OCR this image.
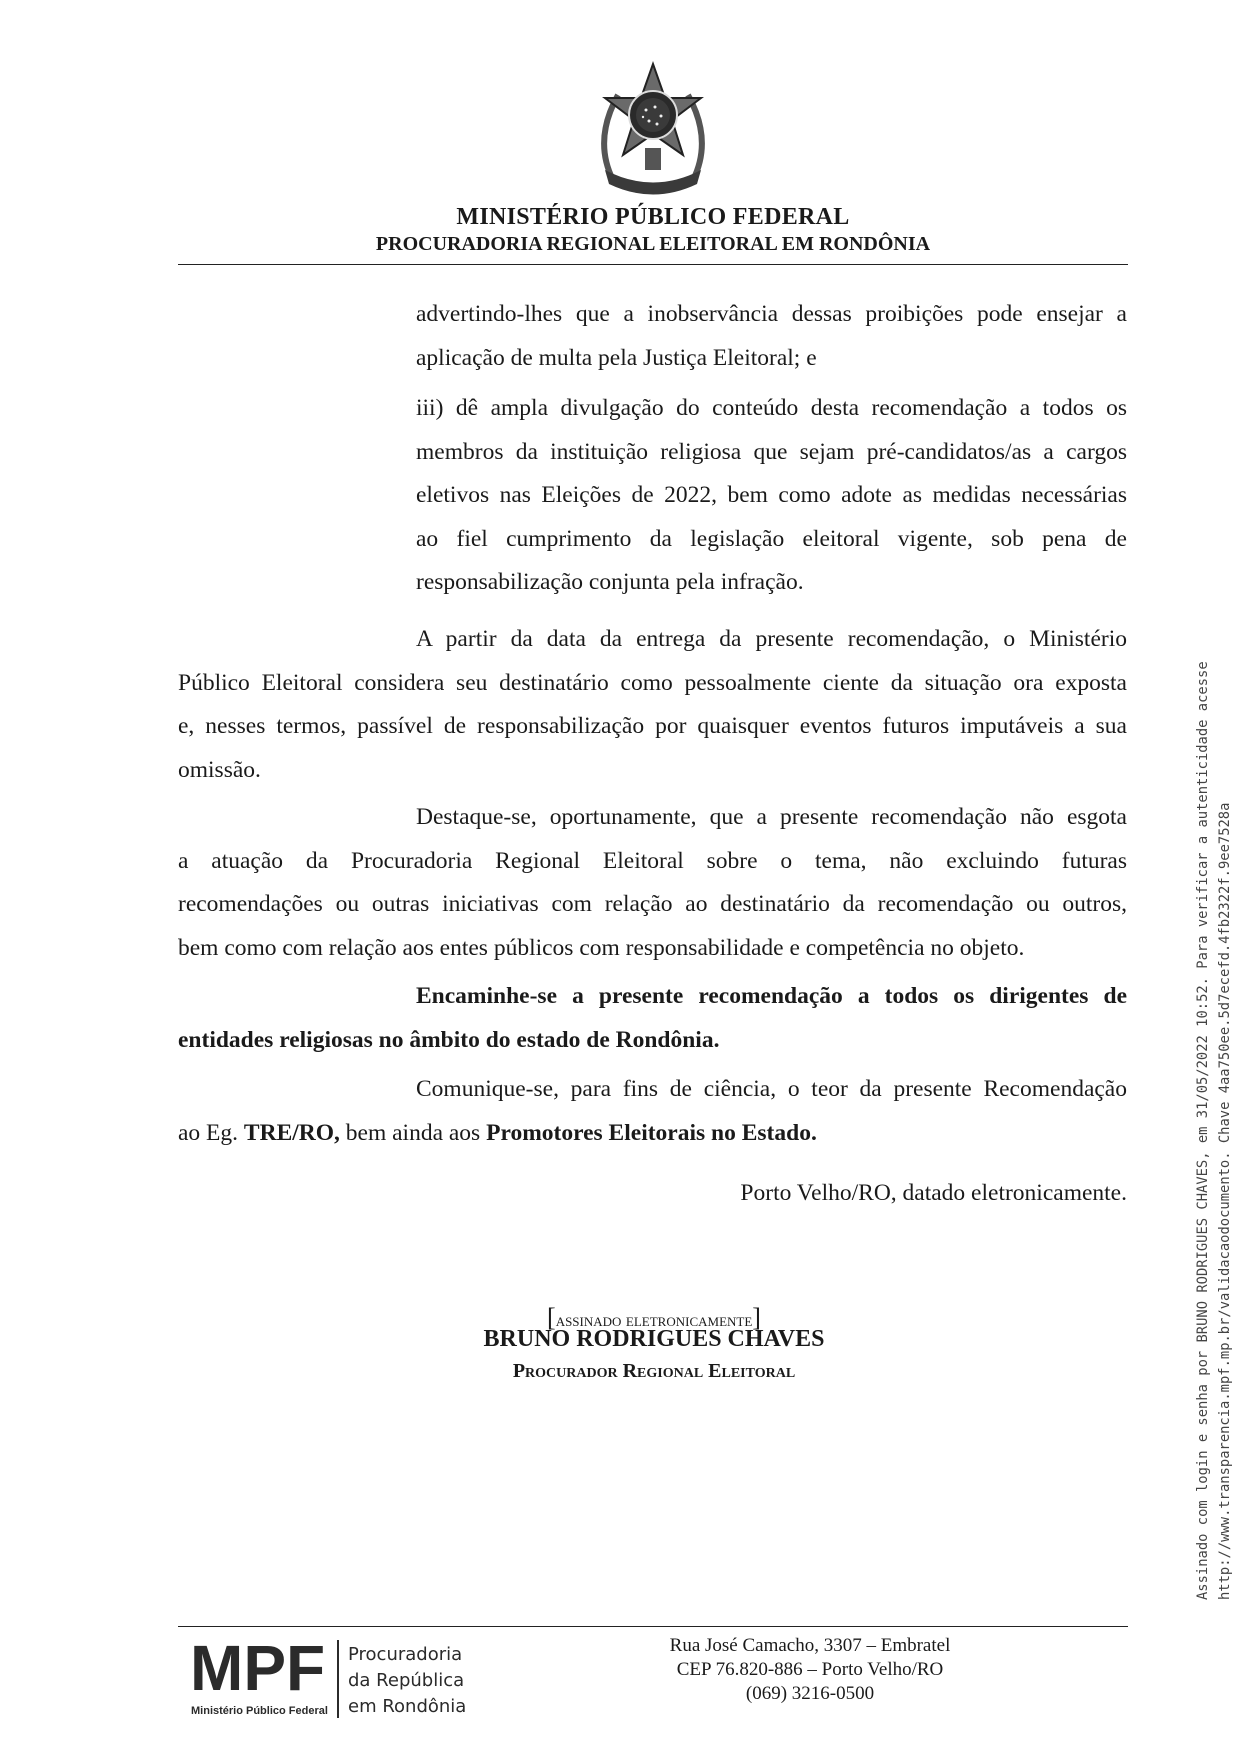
MINISTÉRIO PÚBLICO FEDERAL
PROCURADORIA REGIONAL ELEITORAL EM RONDÔNIA
advertindo-lhes que a inobservância dessas proibições pode ensejar a
aplicação de multa pela Justiça Eleitoral; e
iii) dê ampla divulgação do conteúdo desta recomendação a todos os
membros da instituição religiosa que sejam pré-candidatos/as a cargos
eletivos nas Eleições de 2022, bem como adote as medidas necessárias
ao fiel cumprimento da legislação eleitoral vigente, sob pena de
responsabilização conjunta pela infração.
A partir da data da entrega da presente recomendação, o Ministério
Público Eleitoral considera seu destinatário como pessoalmente ciente da situação ora exposta
e, nesses termos, passível de responsabilização por quaisquer eventos futuros imputáveis a sua
omissão.
Destaque-se, oportunamente, que a presente recomendação não esgota
a atuação da Procuradoria Regional Eleitoral sobre o tema, não excluindo futuras
recomendações ou outras iniciativas com relação ao destinatário da recomendação ou outros,
bem como com relação aos entes públicos com responsabilidade e competência no objeto.
Encaminhe-se a presente recomendação a todos os dirigentes de
entidades religiosas no âmbito do estado de Rondônia.
Comunique-se, para fins de ciência, o teor da presente Recomendação
ao Eg. TRE/RO, bem ainda aos Promotores Eleitorais no Estado.
Porto Velho/RO, datado eletronicamente.
[assinado eletronicamente]
BRUNO RODRIGUES CHAVES
Procurador Regional Eleitoral	Assinado com login e senha por BRUNO RODRIGUES CHAVES, em 31/05/2022 10:52. Para verificar a autenticidade acesse http://www.transparencia.mpf.mp.br/validacaodocumento. Chave 4aa750ee.5d7ecefd.4fb2322f.9ee7528a
MPF
Ministério Público Federal
Procuradoria
da República
em Rondônia
Rua José Camacho, 3307 – Embratel
CEP 76.820-886 – Porto Velho/RO
(069) 3216-0500
